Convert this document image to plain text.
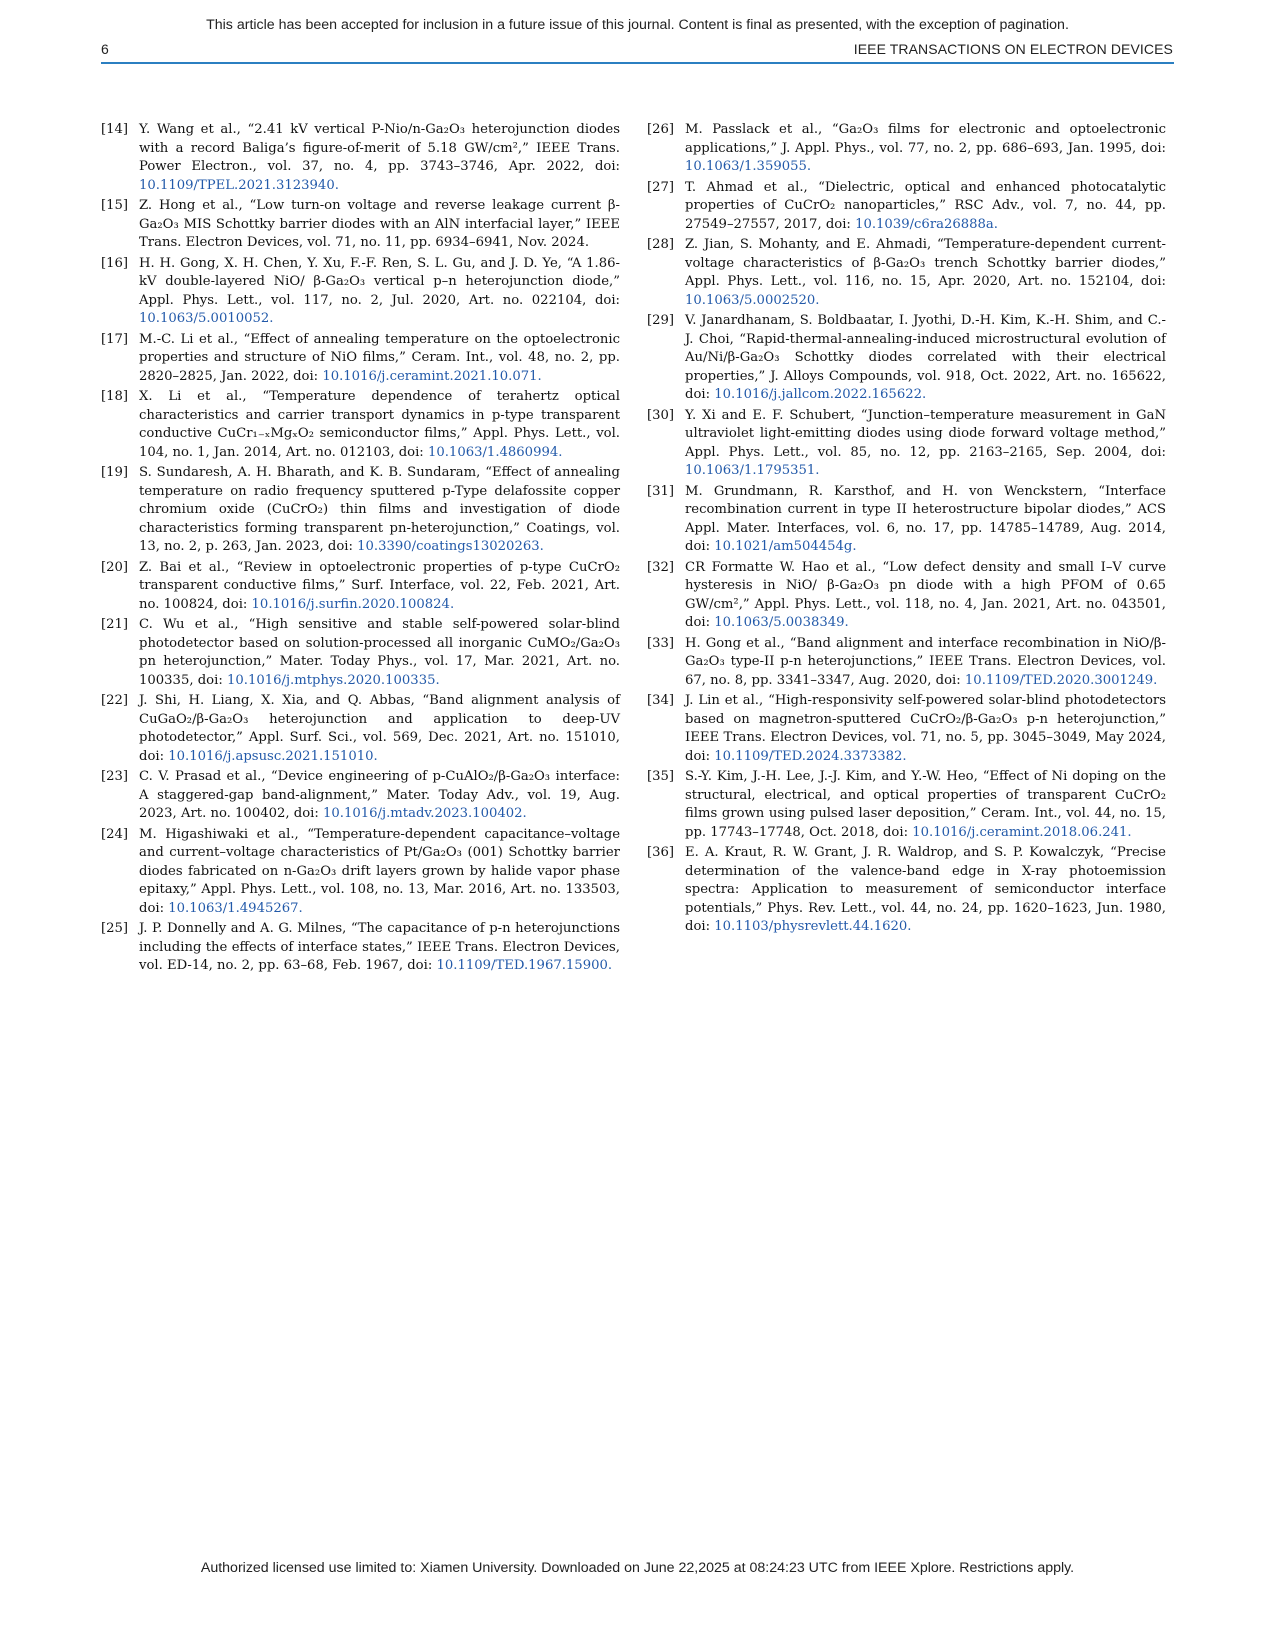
This article has been accepted for inclusion in a future issue of this journal. Content is final as presented, with the exception of pagination.
6	IEEE TRANSACTIONS ON ELECTRON DEVICES
[14] Y. Wang et al., “2.41 kV vertical P-Nio/n-Ga₂O₃ heterojunction diodes with a record Baliga’s figure-of-merit of 5.18 GW/cm²,” IEEE Trans. Power Electron., vol. 37, no. 4, pp. 3743–3746, Apr. 2022, doi: 10.1109/TPEL.2021.3123940.
[15] Z. Hong et al., “Low turn-on voltage and reverse leakage current β-Ga₂O₃ MIS Schottky barrier diodes with an AlN interfacial layer,” IEEE Trans. Electron Devices, vol. 71, no. 11, pp. 6934–6941, Nov. 2024.
[16] H. H. Gong, X. H. Chen, Y. Xu, F.-F. Ren, S. L. Gu, and J. D. Ye, “A 1.86-kV double-layered NiO/ β-Ga₂O₃ vertical p–n heterojunction diode,” Appl. Phys. Lett., vol. 117, no. 2, Jul. 2020, Art. no. 022104, doi: 10.1063/5.0010052.
[17] M.-C. Li et al., “Effect of annealing temperature on the optoelectronic properties and structure of NiO films,” Ceram. Int., vol. 48, no. 2, pp. 2820–2825, Jan. 2022, doi: 10.1016/j.ceramint.2021.10.071.
[18] X. Li et al., “Temperature dependence of terahertz optical characteristics and carrier transport dynamics in p-type transparent conductive CuCr₁₋ₓMgₓO₂ semiconductor films,” Appl. Phys. Lett., vol. 104, no. 1, Jan. 2014, Art. no. 012103, doi: 10.1063/1.4860994.
[19] S. Sundaresh, A. H. Bharath, and K. B. Sundaram, “Effect of annealing temperature on radio frequency sputtered p-Type delafossite copper chromium oxide (CuCrO₂) thin films and investigation of diode characteristics forming transparent pn-heterojunction,” Coatings, vol. 13, no. 2, p. 263, Jan. 2023, doi: 10.3390/coatings13020263.
[20] Z. Bai et al., “Review in optoelectronic properties of p-type CuCrO₂ transparent conductive films,” Surf. Interface, vol. 22, Feb. 2021, Art. no. 100824, doi: 10.1016/j.surfin.2020.100824.
[21] C. Wu et al., “High sensitive and stable self-powered solar-blind photodetector based on solution-processed all inorganic CuMO₂/Ga₂O₃ pn heterojunction,” Mater. Today Phys., vol. 17, Mar. 2021, Art. no. 100335, doi: 10.1016/j.mtphys.2020.100335.
[22] J. Shi, H. Liang, X. Xia, and Q. Abbas, “Band alignment analysis of CuGaO₂/β-Ga₂O₃ heterojunction and application to deep-UV photodetector,” Appl. Surf. Sci., vol. 569, Dec. 2021, Art. no. 151010, doi: 10.1016/j.apsusc.2021.151010.
[23] C. V. Prasad et al., “Device engineering of p-CuAlO₂/β-Ga₂O₃ interface: A staggered-gap band-alignment,” Mater. Today Adv., vol. 19, Aug. 2023, Art. no. 100402, doi: 10.1016/j.mtadv.2023.100402.
[24] M. Higashiwaki et al., “Temperature-dependent capacitance–voltage and current–voltage characteristics of Pt/Ga₂O₃ (001) Schottky barrier diodes fabricated on n-Ga₂O₃ drift layers grown by halide vapor phase epitaxy,” Appl. Phys. Lett., vol. 108, no. 13, Mar. 2016, Art. no. 133503, doi: 10.1063/1.4945267.
[25] J. P. Donnelly and A. G. Milnes, “The capacitance of p-n heterojunctions including the effects of interface states,” IEEE Trans. Electron Devices, vol. ED-14, no. 2, pp. 63–68, Feb. 1967, doi: 10.1109/TED.1967.15900.
[26] M. Passlack et al., “Ga₂O₃ films for electronic and optoelectronic applications,” J. Appl. Phys., vol. 77, no. 2, pp. 686–693, Jan. 1995, doi: 10.1063/1.359055.
[27] T. Ahmad et al., “Dielectric, optical and enhanced photocatalytic properties of CuCrO₂ nanoparticles,” RSC Adv., vol. 7, no. 44, pp. 27549–27557, 2017, doi: 10.1039/c6ra26888a.
[28] Z. Jian, S. Mohanty, and E. Ahmadi, “Temperature-dependent current-voltage characteristics of β-Ga₂O₃ trench Schottky barrier diodes,” Appl. Phys. Lett., vol. 116, no. 15, Apr. 2020, Art. no. 152104, doi: 10.1063/5.0002520.
[29] V. Janardhanam, S. Boldbaatar, I. Jyothi, D.-H. Kim, K.-H. Shim, and C.-J. Choi, “Rapid-thermal-annealing-induced microstructural evolution of Au/Ni/β-Ga₂O₃ Schottky diodes correlated with their electrical properties,” J. Alloys Compounds, vol. 918, Oct. 2022, Art. no. 165622, doi: 10.1016/j.jallcom.2022.165622.
[30] Y. Xi and E. F. Schubert, “Junction–temperature measurement in GaN ultraviolet light-emitting diodes using diode forward voltage method,” Appl. Phys. Lett., vol. 85, no. 12, pp. 2163–2165, Sep. 2004, doi: 10.1063/1.1795351.
[31] M. Grundmann, R. Karsthof, and H. von Wenckstern, “Interface recombination current in type II heterostructure bipolar diodes,” ACS Appl. Mater. Interfaces, vol. 6, no. 17, pp. 14785–14789, Aug. 2014, doi: 10.1021/am504454g.
[32] CR Formatte W. Hao et al., “Low defect density and small I–V curve hysteresis in NiO/ β-Ga₂O₃ pn diode with a high PFOM of 0.65 GW/cm²,” Appl. Phys. Lett., vol. 118, no. 4, Jan. 2021, Art. no. 043501, doi: 10.1063/5.0038349.
[33] H. Gong et al., “Band alignment and interface recombination in NiO/β-Ga₂O₃ type-II p-n heterojunctions,” IEEE Trans. Electron Devices, vol. 67, no. 8, pp. 3341–3347, Aug. 2020, doi: 10.1109/TED.2020.3001249.
[34] J. Lin et al., “High-responsivity self-powered solar-blind photodetectors based on magnetron-sputtered CuCrO₂/β-Ga₂O₃ p-n heterojunction,” IEEE Trans. Electron Devices, vol. 71, no. 5, pp. 3045–3049, May 2024, doi: 10.1109/TED.2024.3373382.
[35] S.-Y. Kim, J.-H. Lee, J.-J. Kim, and Y.-W. Heo, “Effect of Ni doping on the structural, electrical, and optical properties of transparent CuCrO₂ films grown using pulsed laser deposition,” Ceram. Int., vol. 44, no. 15, pp. 17743–17748, Oct. 2018, doi: 10.1016/j.ceramint.2018.06.241.
[36] E. A. Kraut, R. W. Grant, J. R. Waldrop, and S. P. Kowalczyk, “Precise determination of the valence-band edge in X-ray photoemission spectra: Application to measurement of semiconductor interface potentials,” Phys. Rev. Lett., vol. 44, no. 24, pp. 1620–1623, Jun. 1980, doi: 10.1103/physrevlett.44.1620.
Authorized licensed use limited to: Xiamen University. Downloaded on June 22,2025 at 08:24:23 UTC from IEEE Xplore. Restrictions apply.
